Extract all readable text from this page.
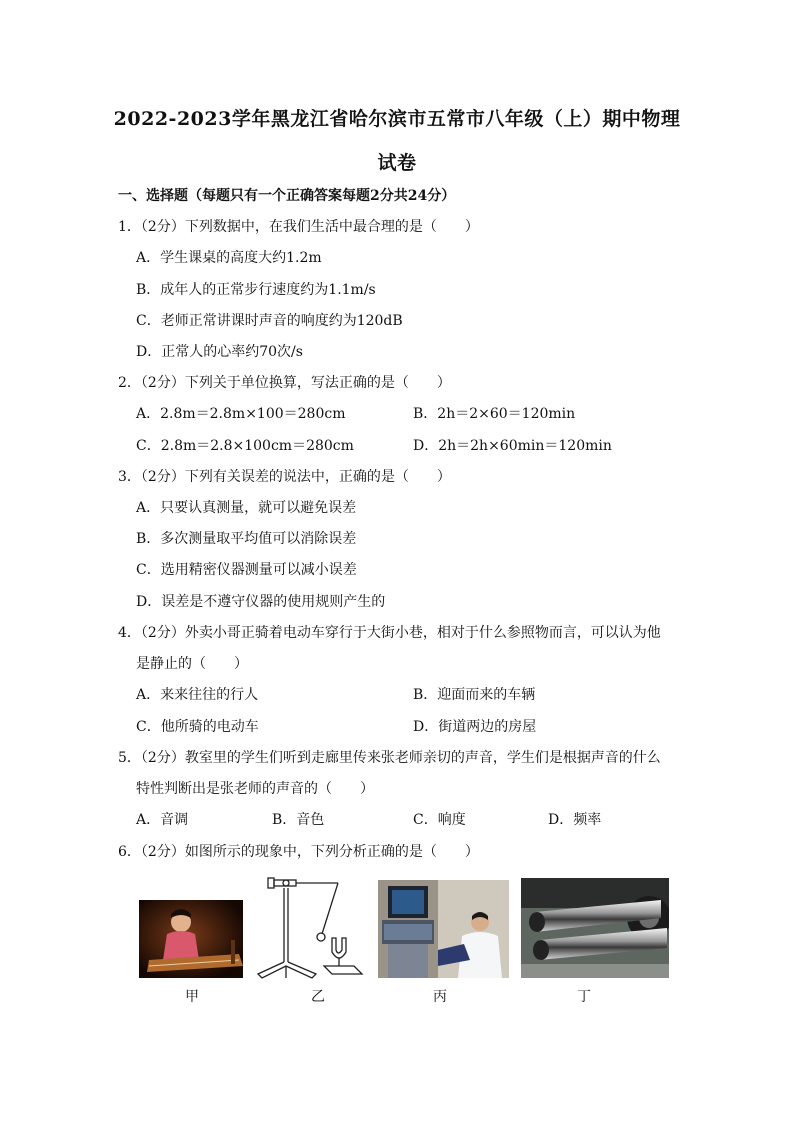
2022-2023学年黑龙江省哈尔滨市五常市八年级（上）期中物理
试卷
一、选择题（每题只有一个正确答案每题2分共24分）
1．（2分）下列数据中，在我们生活中最合理的是（　　）
A．学生课桌的高度大约1.2m
B．成年人的正常步行速度约为1.1m/s
C．老师正常讲课时声音的响度约为120dB
D．正常人的心率约70次/s
2．（2分）下列关于单位换算，写法正确的是（　　）
A．2.8m＝2.8m×100＝280cm	B．2h＝2×60＝120min
C．2.8m＝2.8×100cm＝280cm	D．2h＝2h×60min＝120min
3．（2分）下列有关误差的说法中，正确的是（　　）
A．只要认真测量，就可以避免误差
B．多次测量取平均值可以消除误差
C．选用精密仪器测量可以减小误差
D．误差是不遵守仪器的使用规则产生的
4．（2分）外卖小哥正骑着电动车穿行于大街小巷，相对于什么参照物而言，可以认为他
是静止的（　　）
A．来来往往的行人	B．迎面而来的车辆
C．他所骑的电动车	D．街道两边的房屋
5．（2分）教室里的学生们听到走廊里传来张老师亲切的声音，学生们是根据声音的什么
特性判断出是张老师的声音的（　　）
A．音调	B．音色	C．响度	D．频率
6．（2分）如图所示的现象中，下列分析正确的是（　　）
甲	乙	丙	丁
